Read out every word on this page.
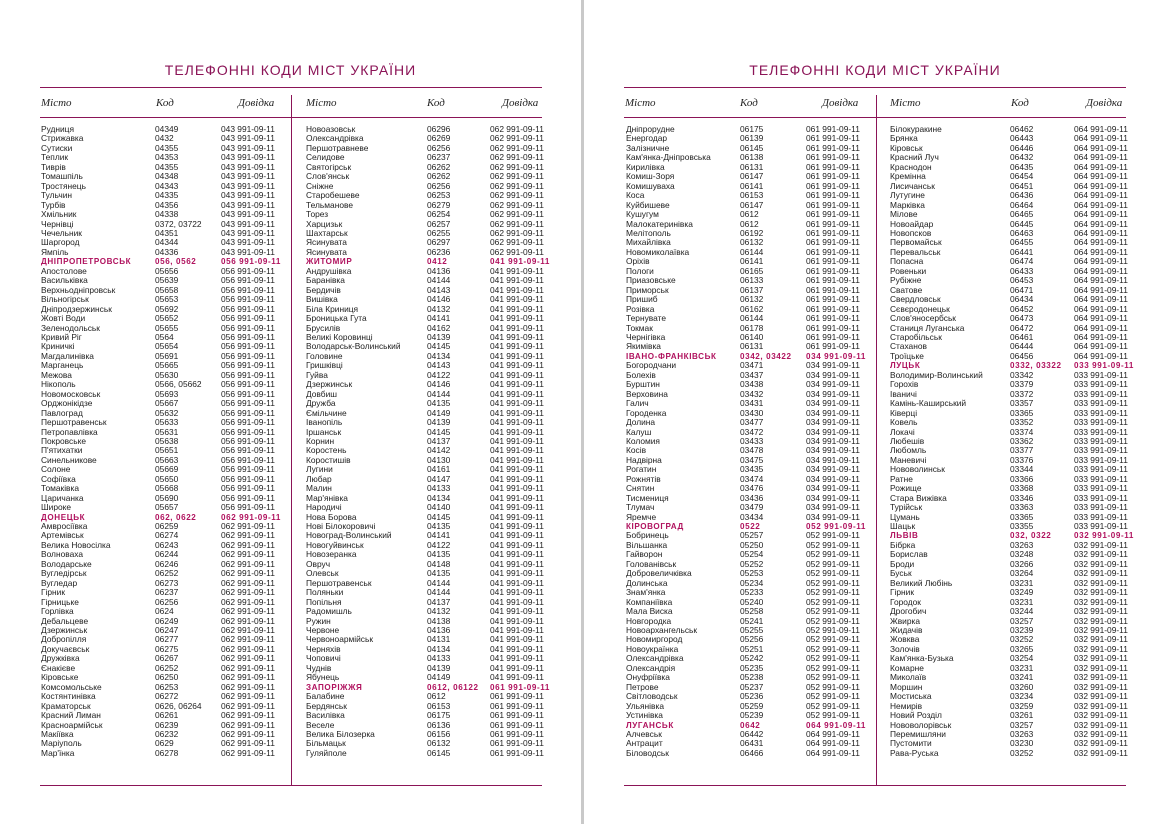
ТЕЛЕФОННІ КОДИ МІСТ УКРАЇНИ
Місто	Код	Довідка	Місто	Код	Довідка
Рудниця	04349	043 991-09-11
Стрижавка	0432	043 991-09-11
Сутиски	04355	043 991-09-11
Теплик	04353	043 991-09-11
Тиврів	04355	043 991-09-11
Томашпіль	04348	043 991-09-11
Тростянець	04343	043 991-09-11
Тульчин	04335	043 991-09-11
Турбів	04356	043 991-09-11
Хмільник	04338	043 991-09-11
Чернівці	0372, 03722 043 991-09-11
Чечельник	04351	043 991-09-11
Шаргород	04344	043 991-09-11
Ямпіль	04336	043 991-09-11
ДНІПРОПЕТРОВСЬК	056, 0562	056 991-09-11
Апостолове	05656	056 991-09-11
Васильківка	05639	056 991-09-11
Верхньодніпровськ	05658	056 991-09-11
Вільногірськ	05653	056 991-09-11
Дніпродзержинськ	05692	056 991-09-11
Жовті Води	05652	056 991-09-11
Зеленодольськ	05655	056 991-09-11
Кривий Ріг	0564	056 991-09-11
Криничкі	05654	056 991-09-11
Магдалинівка	05691	056 991-09-11
Марганець	05665	056 991-09-11
Межова	05630	056 991-09-11
Нікополь	0566, 05662 056 991-09-11
Новомосковськ	05693	056 991-09-11
Орджонікідзе	05667	056 991-09-11
Павлоград	05632	056 991-09-11
Першотравенськ	05633	056 991-09-11
Петропавлівка	05631	056 991-09-11
Покровське	05638	056 991-09-11
П'ятихатки	05651	056 991-09-11
Синельникове	05663	056 991-09-11
Солоне	05669	056 991-09-11
Софіївка	05650	056 991-09-11
Томаківка	05668	056 991-09-11
Царичанка	05690	056 991-09-11
Широке	05657	056 991-09-11
ДОНЕЦЬК	062, 0622	062 991-09-11
Амвросіївка	06259	062 991-09-11
Артемівськ	06274	062 991-09-11
Велика Новосілка	06243	062 991-09-11
Волноваха	06244	062 991-09-11
Володарське	06246	062 991-09-11
Вугледірськ	06252	062 991-09-11
Вугледар	06273	062 991-09-11
Гірник	06237	062 991-09-11
Гірницьке	06256	062 991-09-11
Горлівка	0624	062 991-09-11
Дебальцеве	06249	062 991-09-11
Дзержинськ	06247	062 991-09-11
Добропілля	06277	062 991-09-11
Докучаєвськ	06275	062 991-09-11
Дружківка	06267	062 991-09-11
Єнакієве	06252	062 991-09-11
Кіровське	06250	062 991-09-11
Комсомольське	06253	062 991-09-11
Костянтинівка	06272	062 991-09-11
Краматорськ	0626, 06264 062 991-09-11
Красний Лиман	06261	062 991-09-11
Красноармійськ	06239	062 991-09-11
Макіївка	06232	062 991-09-11
Маріуполь	0629	062 991-09-11
Мар'їнка	06278	062 991-09-11
Новоазовськ	06296	062 991-09-11
Олександрівка	06269	062 991-09-11
Першотравневе	06256	062 991-09-11
Селидове	06237	062 991-09-11
Святогірськ	06262	062 991-09-11
Слов'янськ	06262	062 991-09-11
Сніжне	06256	062 991-09-11
Старобешеве	06253	062 991-09-11
Тельманове	06279	062 991-09-11
Торез	06254	062 991-09-11
Харцизьк	06257	062 991-09-11
Шахтарськ	06255	062 991-09-11
Ясинувата	06297	062 991-09-11
Ясинувата	06236	062 991-09-11
ЖИТОМИР	0412	041 991-09-11
Андрушівка	04136	041 991-09-11
Баранівка	04144	041 991-09-11
Бердичів	04143	041 991-09-11
Вишівка	04146	041 991-09-11
Біла Криниця	04132	041 991-09-11
Броницька Гута	04141	041 991-09-11
Брусилів	04162	041 991-09-11
Великі Коровинці	04139	041 991-09-11
Володарськ-Волинський	04145	041 991-09-11
Головине	04134	041 991-09-11
Гришківці	04143	041 991-09-11
Гуйва	04122	041 991-09-11
Дзержинськ	04146	041 991-09-11
Довбиш	04144	041 991-09-11
Дружба	04135	041 991-09-11
Ємільчине	04149	041 991-09-11
Іванопіль	04139	041 991-09-11
Іршанськ	04145	041 991-09-11
Корнин	04137	041 991-09-11
Коростень	04142	041 991-09-11
Коростишів	04130	041 991-09-11
Лугини	04161	041 991-09-11
Любар	04147	041 991-09-11
Малин	04133	041 991-09-11
Мар'янівка	04134	041 991-09-11
Народичі	04140	041 991-09-11
Нова Борова	04145	041 991-09-11
Нові Білокоровичі	04135	041 991-09-11
Новоград-Волинський	04141	041 991-09-11
Новогуйвинськ	04122	041 991-09-11
Новозеранка	04135	041 991-09-11
Овруч	04148	041 991-09-11
Олевськ	04135	041 991-09-11
Першотравенськ	04144	041 991-09-11
Поляньки	04144	041 991-09-11
Попільня	04137	041 991-09-11
Радомишль	04132	041 991-09-11
Ружин	04138	041 991-09-11
Червоне	04136	041 991-09-11
Червоноармійськ	04131	041 991-09-11
Черняхів	04134	041 991-09-11
Чоповичі	04133	041 991-09-11
Чуднів	04139	041 991-09-11
Ябунець	04149	041 991-09-11
ЗАПОРІЖЖЯ	0612, 06122 061 991-09-11
Балабине	0612	061 991-09-11
Бердянськ	06153	061 991-09-11
Василівка	06175	061 991-09-11
Веселе	06136	061 991-09-11
Велика Білозерка	06156	061 991-09-11
Більмацьк	06132	061 991-09-11
Гуляйполе	06145	061 991-09-11
ТЕЛЕФОННІ КОДИ МІСТ УКРАЇНИ
Місто	Код	Довідка	Місто	Код	Довідка
Дніпрорудне	06175	061 991-09-11
Енергодар	06139	061 991-09-11
Залізничне	06145	061 991-09-11
Кам'янка-Дніпровська	06138	061 991-09-11
Кирилівка	06131	061 991-09-11
Комиш-Зоря	06147	061 991-09-11
Комишуваха	06141	061 991-09-11
Коса	06153	061 991-09-11
Куйбишеве	06147	061 991-09-11
Кушугум	0612	061 991-09-11
Малокатеринівка	0612	061 991-09-11
Мелітополь	06192	061 991-09-11
Михайлівка	06132	061 991-09-11
Новомиколаївка	06144	061 991-09-11
Оріхів	06141	061 991-09-11
Пологи	06165	061 991-09-11
Приазовське	06133	061 991-09-11
Приморськ	06137	061 991-09-11
Пришиб	06132	061 991-09-11
Розівка	06162	061 991-09-11
Тернувате	06144	061 991-09-11
Токмак	06178	061 991-09-11
Чернігівка	06140	061 991-09-11
Якимівка	06131	061 991-09-11
ІВАНО-ФРАНКІВСЬК	0342, 03422 034 991-09-11
Богородчани	03471	034 991-09-11
Болехів	03437	034 991-09-11
Бурштин	03438	034 991-09-11
Верховина	03432	034 991-09-11
Галич	03431	034 991-09-11
Городенка	03430	034 991-09-11
Долина	03477	034 991-09-11
Калуш	03472	034 991-09-11
Коломия	03433	034 991-09-11
Косів	03478	034 991-09-11
Надвірна	03475	034 991-09-11
Рогатин	03435	034 991-09-11
Рожнятів	03474	034 991-09-11
Снятин	03476	034 991-09-11
Тисмениця	03436	034 991-09-11
Тлумач	03479	034 991-09-11
Яремче	03434	034 991-09-11
КІРОВОГРАД	0522	052 991-09-11
Бобринець	05257	052 991-09-11
Вільшанка	05250	052 991-09-11
Гайворон	05254	052 991-09-11
Голованівськ	05252	052 991-09-11
Добровеличківка	05253	052 991-09-11
Долинська	05234	052 991-09-11
Знам'янка	05233	052 991-09-11
Компаніївка	05240	052 991-09-11
Мала Виска	05258	052 991-09-11
Новгородка	05241	052 991-09-11
Новоархангельськ	05255	052 991-09-11
Новомиргород	05256	052 991-09-11
Новоукраїнка	05251	052 991-09-11
Олександрівка	05242	052 991-09-11
Олександрія	05235	052 991-09-11
Онуфріївка	05238	052 991-09-11
Петрове	05237	052 991-09-11
Світловодськ	05236	052 991-09-11
Ульянівка	05259	052 991-09-11
Устинівка	05239	052 991-09-11
ЛУГАНСЬК	0642	064 991-09-11
Алчевськ	06442	064 991-09-11
Антрацит	06431	064 991-09-11
Біловодськ	06466	064 991-09-11
Білокуракине	06462	064 991-09-11
Брянка	06443	064 991-09-11
Кіровськ	06446	064 991-09-11
Красний Луч	06432	064 991-09-11
Краснодон	06435	064 991-09-11
Кремінна	06454	064 991-09-11
Лисичанськ	06451	064 991-09-11
Лутугине	06436	064 991-09-11
Марківка	06464	064 991-09-11
Мілове	06465	064 991-09-11
Новоайдар	06445	064 991-09-11
Новопсков	06463	064 991-09-11
Первомайськ	06455	064 991-09-11
Перевальськ	06441	064 991-09-11
Попасна	06474	064 991-09-11
Ровеньки	06433	064 991-09-11
Рубіжне	06453	064 991-09-11
Сватове	06471	064 991-09-11
Свердловськ	06434	064 991-09-11
Сєвєродонецьк	06452	064 991-09-11
Слов'яносербськ	06473	064 991-09-11
Станиця Луганська	06472	064 991-09-11
Старобільськ	06461	064 991-09-11
Стаханов	06444	064 991-09-11
Троїцьке	06456	064 991-09-11
ЛУЦЬК	0332, 03322 033 991-09-11
Володимир-Волинський	03342	033 991-09-11
Горохів	03379	033 991-09-11
Іваничі	03372	033 991-09-11
Камінь-Каширський	03357	033 991-09-11
Ківерці	03365	033 991-09-11
Ковель	03352	033 991-09-11
Локачі	03374	033 991-09-11
Любешів	03362	033 991-09-11
Любомль	03377	033 991-09-11
Маневичі	03376	033 991-09-11
Нововолинськ	03344	033 991-09-11
Ратне	03366	033 991-09-11
Рожище	03368	033 991-09-11
Стара Вижівка	03346	033 991-09-11
Турійськ	03363	033 991-09-11
Цумань	03365	033 991-09-11
Шацьк	03355	033 991-09-11
ЛЬВІВ	032, 0322	032 991-09-11
Бібрка	03263	032 991-09-11
Борислав	03248	032 991-09-11
Броди	03266	032 991-09-11
Буськ	03264	032 991-09-11
Великий Любінь	03231	032 991-09-11
Гірник	03249	032 991-09-11
Городок	03231	032 991-09-11
Дрогобич	03244	032 991-09-11
Жвирка	03257	032 991-09-11
Жидачів	03239	032 991-09-11
Жовква	03252	032 991-09-11
Золочів	03265	032 991-09-11
Кам'янка-Бузька	03254	032 991-09-11
Комарне	03231	032 991-09-11
Миколаїв	03241	032 991-09-11
Моршин	03260	032 991-09-11
Мостиська	03234	032 991-09-11
Немирів	03259	032 991-09-11
Новий Розділ	03261	032 991-09-11
Нововолорівськ	03257	032 991-09-11
Перемишляни	03263	032 991-09-11
Пустомити	03230	032 991-09-11
Рава-Руська	03252	032 991-09-11
